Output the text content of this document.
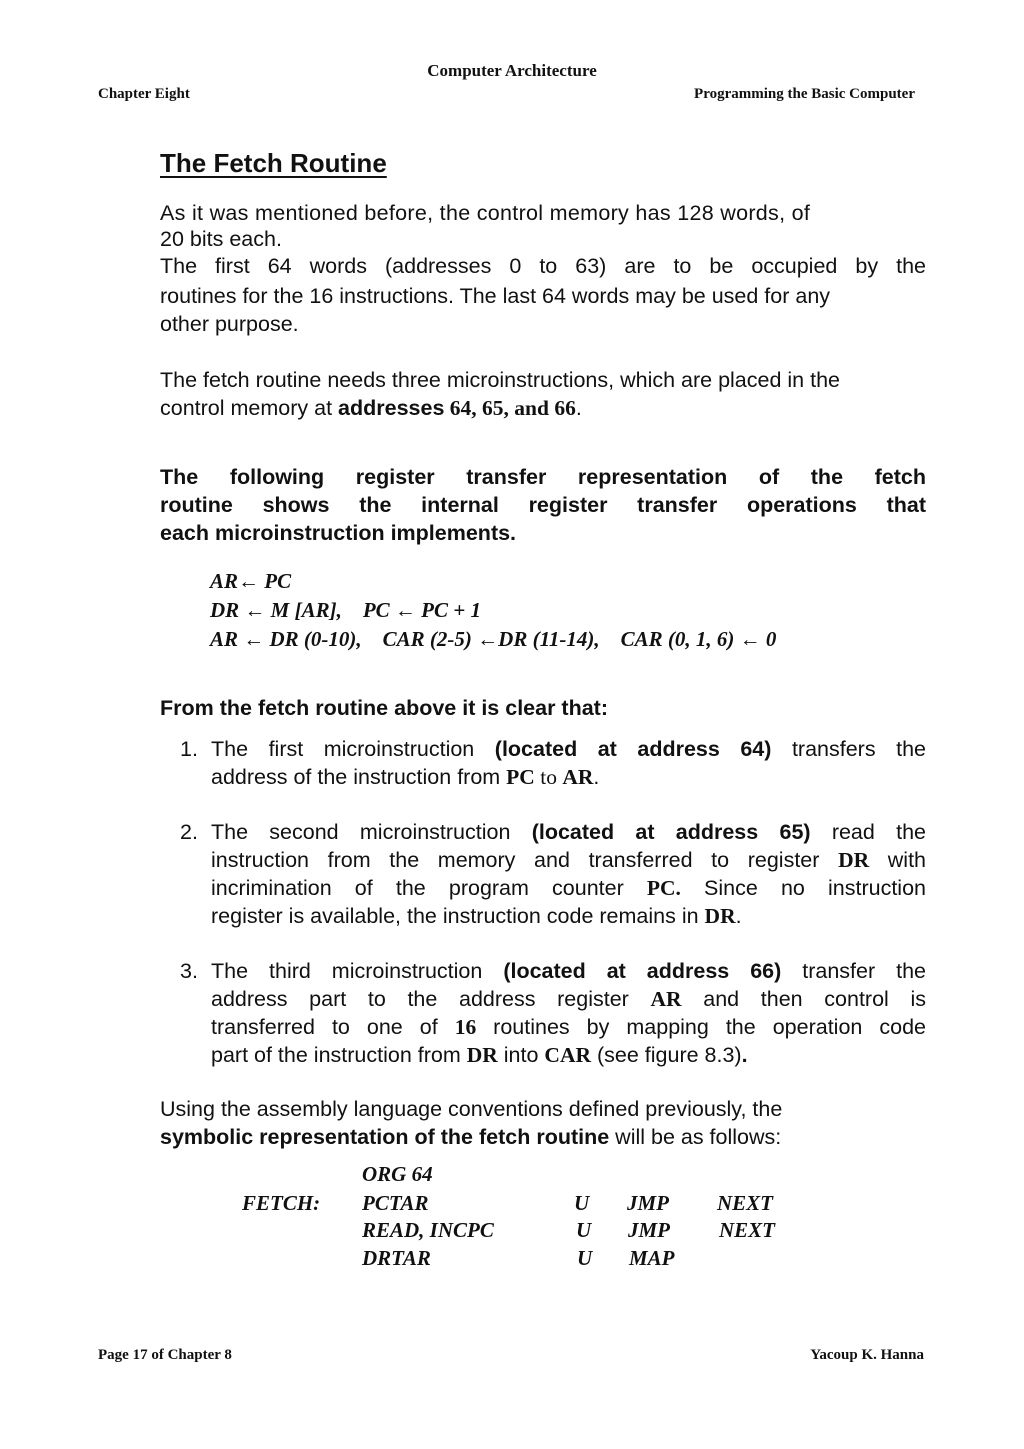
Computer Architecture
Chapter Eight	Programming the Basic Computer
The Fetch Routine
As it was mentioned before, the control memory has 128 words, of
20 bits each.
The first 64 words (addresses 0 to 63) are to be occupied by the
routines for the 16 instructions. The last 64 words may be used for any
other purpose.
The fetch routine needs three microinstructions, which are placed in the
control memory at addresses 64, 65, and 66.
The following register transfer representation of the fetch
routine shows the internal register transfer operations that
each microinstruction implements.
AR← PC
DR ← M [AR],    PC ← PC + 1
AR ← DR (0-10),    CAR (2-5) ←DR (11-14),    CAR (0, 1, 6) ← 0
From the fetch routine above it is clear that:
1. The first microinstruction (located at address 64) transfers the
address of the instruction from PC to AR.
2. The second microinstruction (located at address 65) read the
instruction from the memory and transferred to register DR with
incrimination of the program counter PC. Since no instruction
register is available, the instruction code remains in DR.
3. The third microinstruction (located at address 66) transfer the
address part to the address register AR and then control is
transferred to one of 16 routines by mapping the operation code
part of the instruction from DR into CAR (see figure 8.3).
Using the assembly language conventions defined previously, the
symbolic representation of the fetch routine will be as follows:
ORG 64
FETCH: PCTAR	U JMP NEXT
READ, INCPC	U JMP NEXT
DRTAR	U MAP
Page 17 of Chapter 8	Yacoup K. Hanna
